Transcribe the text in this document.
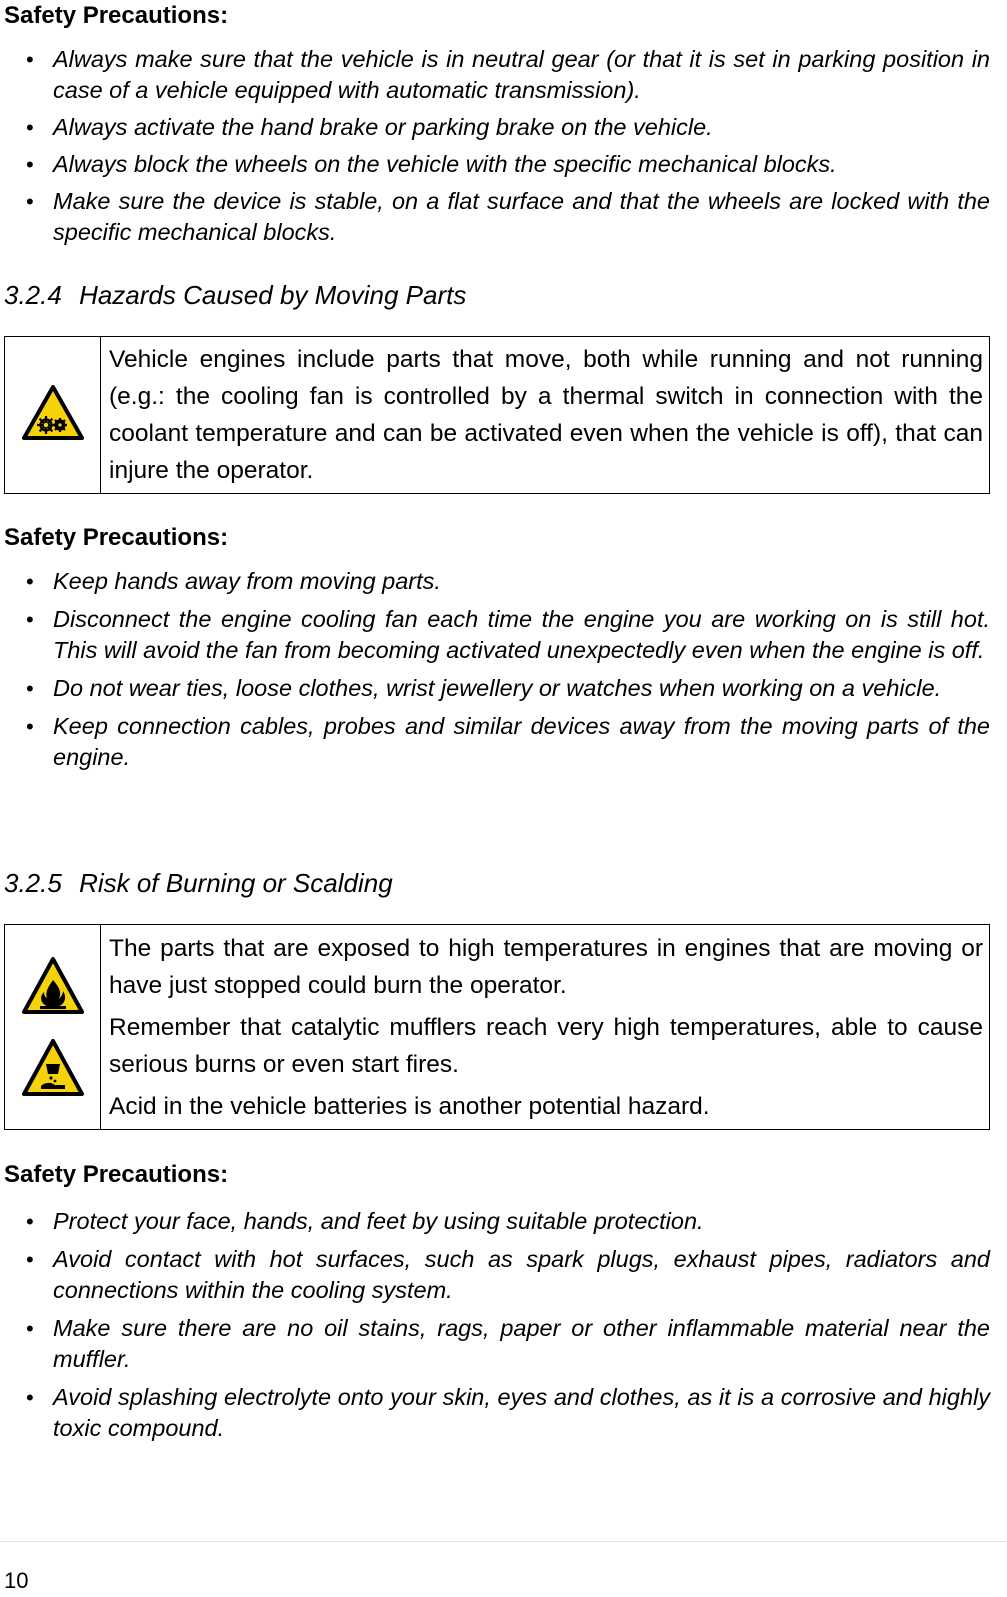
Safety Precautions:

• Always make sure that the vehicle is in neutral gear (or that it is set in parking position in case of a vehicle equipped with automatic transmission).
• Always activate the hand brake or parking brake on the vehicle.
• Always block the wheels on the vehicle with the specific mechanical blocks.
• Make sure the device is stable, on a flat surface and that the wheels are locked with the specific mechanical blocks.

3.2.4 Hazards Caused by Moving Parts

Vehicle engines include parts that move, both while running and not running (e.g.: the cooling fan is controlled by a thermal switch in connection with the coolant temperature and can be activated even when the vehicle is off), that can injure the operator.

Safety Precautions:

• Keep hands away from moving parts.
• Disconnect the engine cooling fan each time the engine you are working on is still hot. This will avoid the fan from becoming activated unexpectedly even when the engine is off.
• Do not wear ties, loose clothes, wrist jewellery or watches when working on a vehicle.
• Keep connection cables, probes and similar devices away from the moving parts of the engine.

3.2.5 Risk of Burning or Scalding

The parts that are exposed to high temperatures in engines that are moving or have just stopped could burn the operator.

Remember that catalytic mufflers reach very high temperatures, able to cause serious burns or even start fires.

Acid in the vehicle batteries is another potential hazard.

Safety Precautions:

• Protect your face, hands, and feet by using suitable protection.
• Avoid contact with hot surfaces, such as spark plugs, exhaust pipes, radiators and connections within the cooling system.
• Make sure there are no oil stains, rags, paper or other inflammable material near the muffler.
• Avoid splashing electrolyte onto your skin, eyes and clothes, as it is a corrosive and highly toxic compound.
10
